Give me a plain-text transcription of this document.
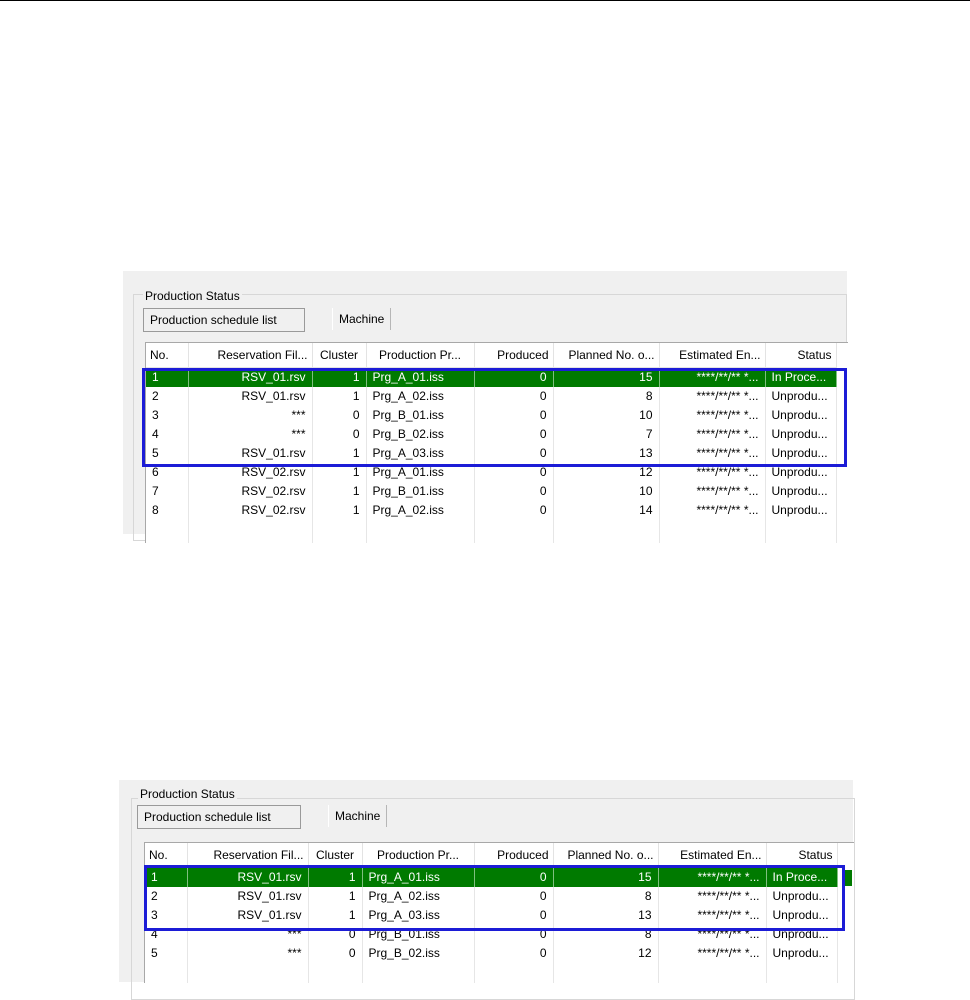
Production Status
Production schedule list	Machine
No.	Reservation Fil...	Cluster	Production Pr...	Produced	Planned No. o...	Estimated En...	Status
1	RSV_01.rsv	1	Prg_A_01.iss	0	15	****/**/** *...	In Proce...
2	RSV_01.rsv	1	Prg_A_02.iss	0	8	****/**/** *...	Unprodu...
3	***	0	Prg_B_01.iss	0	10	****/**/** *...	Unprodu...
4	***	0	Prg_B_02.iss	0	7	****/**/** *...	Unprodu...
5	RSV_01.rsv	1	Prg_A_03.iss	0	13	****/**/** *...	Unprodu...
6	RSV_02.rsv	1	Prg_A_01.iss	0	12	****/**/** *...	Unprodu...
7	RSV_02.rsv	1	Prg_B_01.iss	0	10	****/**/** *...	Unprodu...
8	RSV_02.rsv	1	Prg_A_02.iss	0	14	****/**/** *...	Unprodu...

Production Status
Production schedule list	Machine
No.	Reservation Fil...	Cluster	Production Pr...	Produced	Planned No. o...	Estimated En...	Status
1	RSV_01.rsv	1	Prg_A_01.iss	0	15	****/**/** *...	In Proce...
2	RSV_01.rsv	1	Prg_A_02.iss	0	8	****/**/** *...	Unprodu...
3	RSV_01.rsv	1	Prg_A_03.iss	0	13	****/**/** *...	Unprodu...
4	***	0	Prg_B_01.iss	0	8	****/**/** *...	Unprodu...
5	***	0	Prg_B_02.iss	0	12	****/**/** *...	Unprodu...
